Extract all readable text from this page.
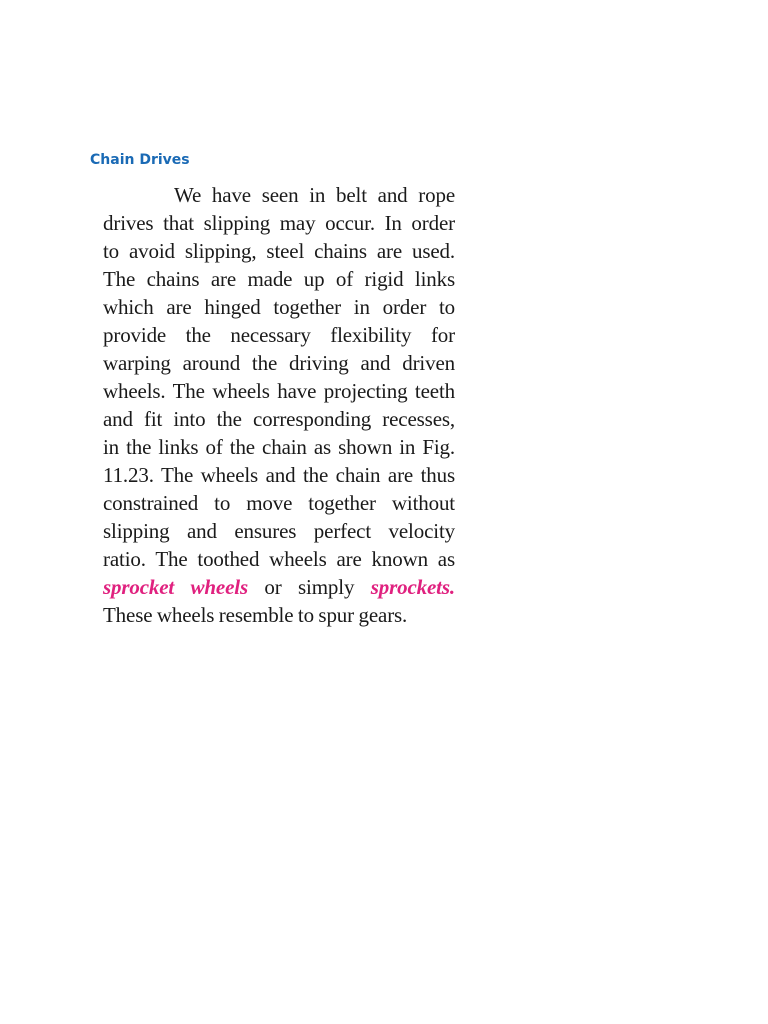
Chain Drives
We have seen in belt and rope
drives that slipping may occur. In order
to avoid slipping, steel chains are used.
The chains are made up of rigid links
which are hinged together in order to
provide the necessary flexibility for
warping around the driving and driven
wheels. The wheels have projecting teeth
and fit into the corresponding recesses,
in the links of the chain as shown in Fig.
11.23. The wheels and the chain are thus
constrained to move together without
slipping and ensures perfect velocity
ratio. The toothed wheels are known as
sprocket wheels or simply sprockets.
These wheels resemble to spur gears.
